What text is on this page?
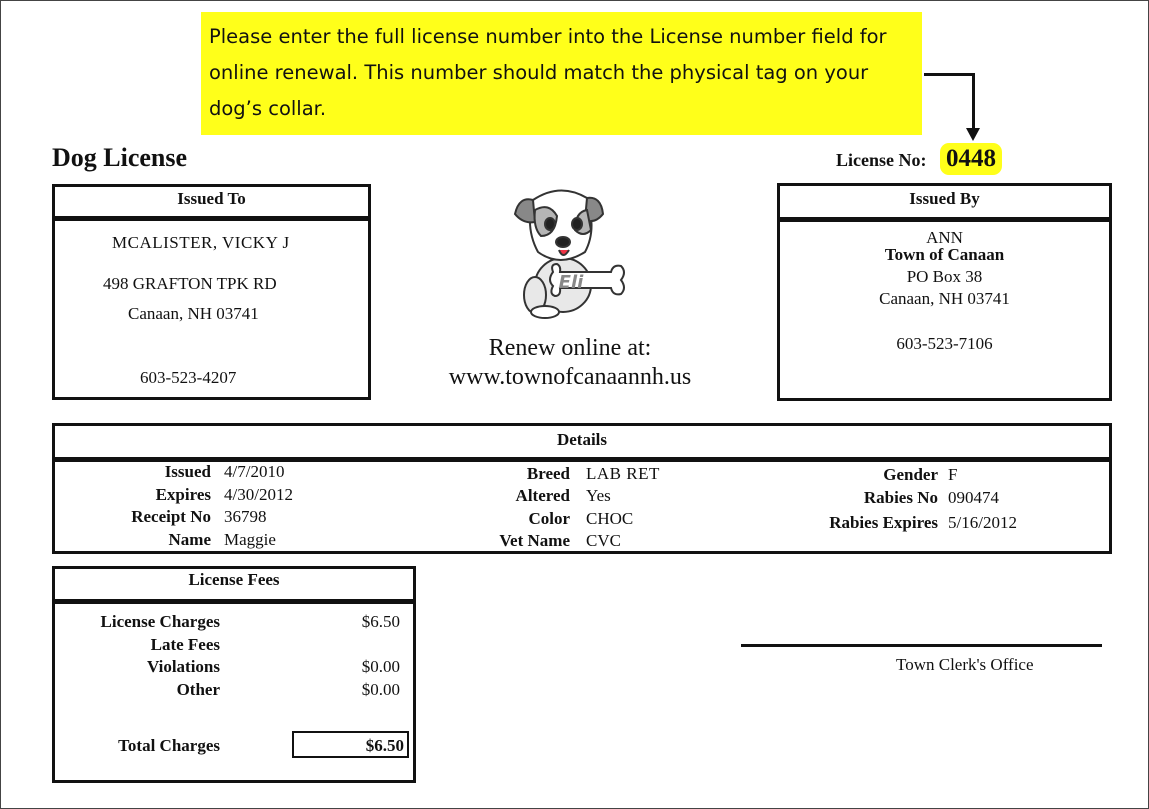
Please enter the full license number into the License number field for
online renewal. This number should match the physical tag on your
dog’s collar.
Dog License	License No: 0448
Issued To
MCALISTER, VICKY J
498 GRAFTON TPK RD
Canaan, NH 03741
603-523-4207
Eli
Renew online at:
www.townofcanaannh.us
Issued By
ANN
Town of Canaan
PO Box 38
Canaan, NH 03741
603-523-7106
Details
Issued 4/7/2010
Expires 4/30/2012
Receipt No 36798
Name Maggie
Breed LAB RET
Altered Yes
Color CHOC
Vet Name CVC
Gender F
Rabies No 090474
Rabies Expires 5/16/2012
License Fees
License Charges	$6.50
Late Fees
Violations	$0.00
Other	$0.00
Total Charges	$6.50
Town Clerk's Office
